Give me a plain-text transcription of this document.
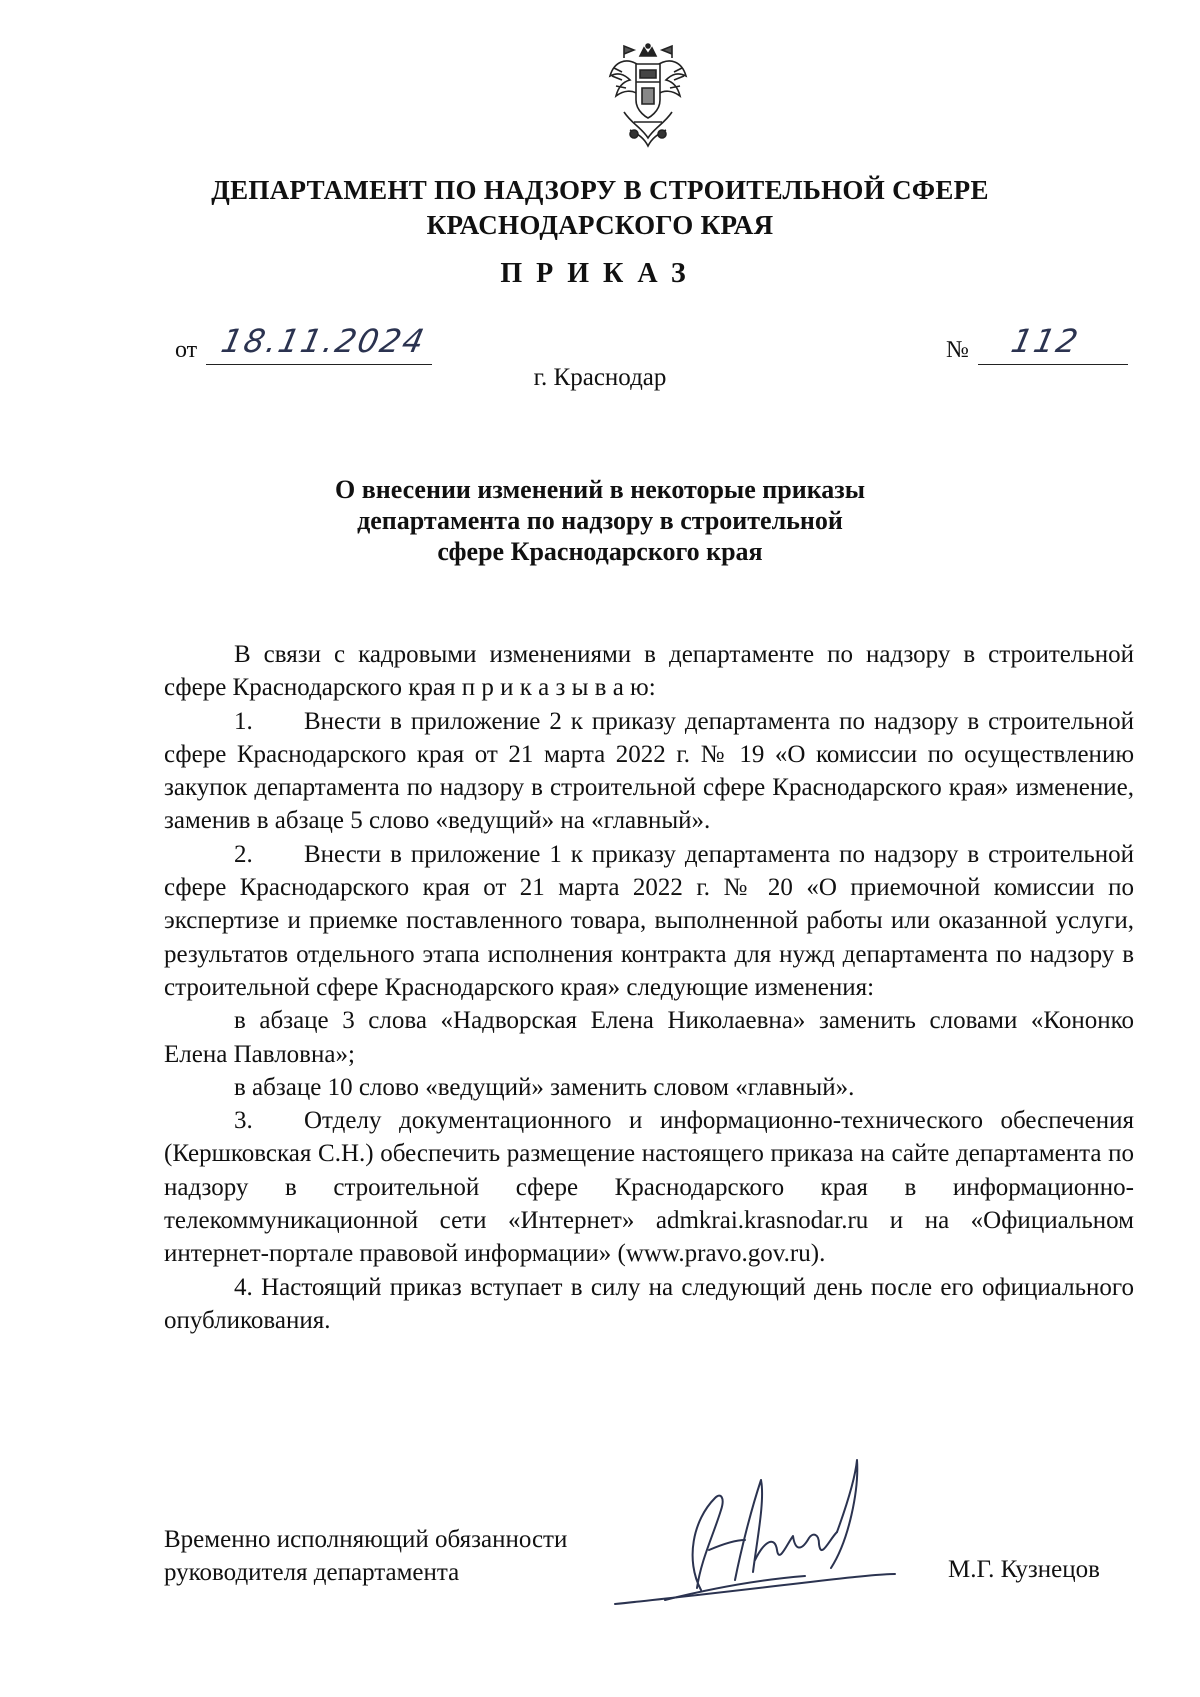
ДЕПАРТАМЕНТ ПО НАДЗОРУ В СТРОИТЕЛЬНОЙ СФЕРЕ
КРАСНОДАРСКОГО КРАЯ
ПРИКАЗ
от 18.11.2024	№ 112
г. Краснодар
О внесении изменений в некоторые приказы
департамента по надзору в строительной
сфере Краснодарского края

В связи с кадровыми изменениями в департаменте по надзору в строительной сфере Краснодарского края п р и к а з ы в а ю:

1. Внести в приложение 2 к приказу департамента по надзору в строительной сфере Краснодарского края от 21 марта 2022 г. № 19 «О комиссии по осуществлению закупок департамента по надзору в строительной сфере Краснодарского края» изменение, заменив в абзаце 5 слово «ведущий» на «главный».

2. Внести в приложение 1 к приказу департамента по надзору в строительной сфере Краснодарского края от 21 марта 2022 г. № 20 «О приемочной комиссии по экспертизе и приемке поставленного товара, выполненной работы или оказанной услуги, результатов отдельного этапа исполнения контракта для нужд департамента по надзору в строительной сфере Краснодарского края» следующие изменения:

в абзаце 3 слова «Надворская Елена Николаевна» заменить словами «Кононко Елена Павловна»;

в абзаце 10 слово «ведущий» заменить словом «главный».

3. Отделу документационного и информационно-технического обеспечения (Кершковская С.Н.) обеспечить размещение настоящего приказа на сайте департамента по надзору в строительной сфере Краснодарского края в информационно-телекоммуникационной сети «Интернет» admkrai.krasnodar.ru и на «Официальном интернет-портале правовой информации» (www.pravo.gov.ru).

4. Настоящий приказ вступает в силу на следующий день после его официального опубликования.

Временно исполняющий обязанности
руководителя департамента	М.Г. Кузнецов
